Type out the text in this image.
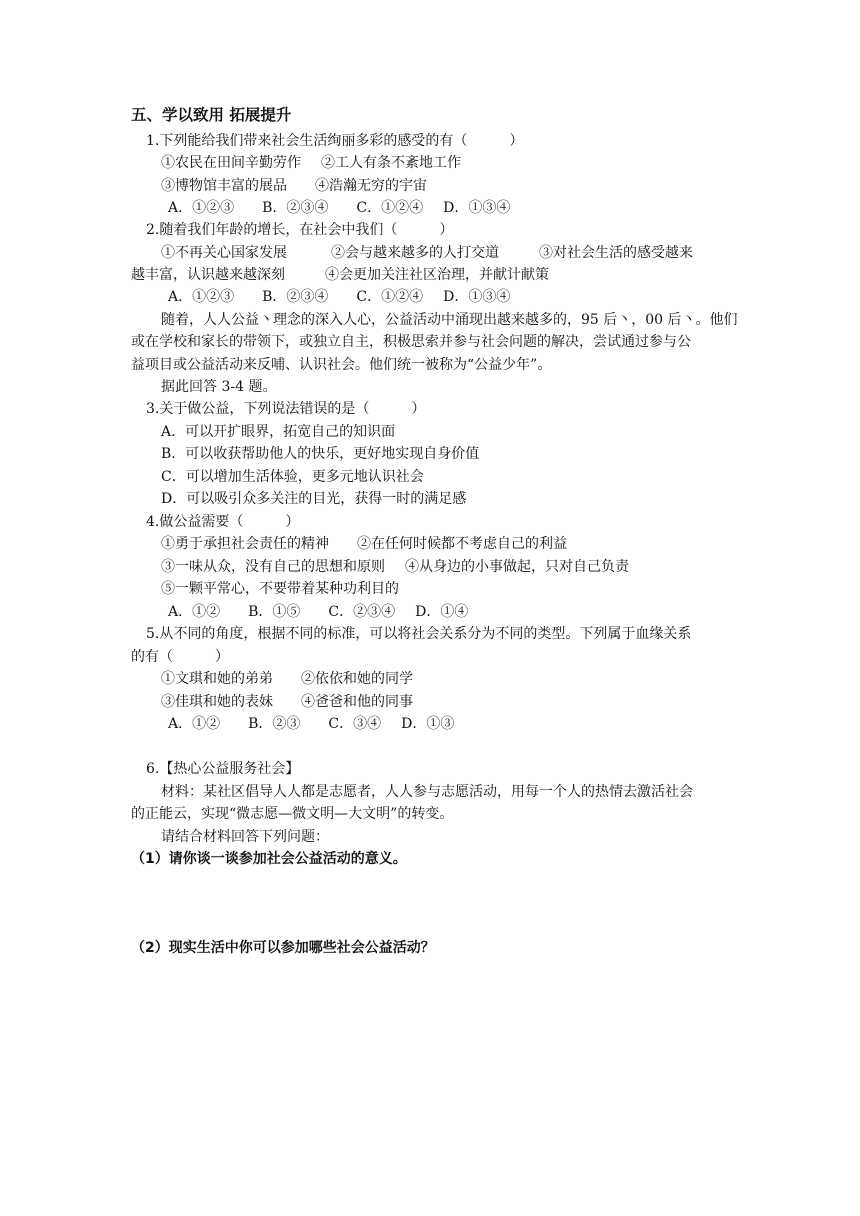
五、学以致用 拓展提升
1.下列能给我们带来社会生活绚丽多彩的感受的有（　　　）
①农民在田间辛勤劳作 ②工人有条不紊地工作
③博物馆丰富的展品 ④浩瀚无穷的宇宙
A．①②③ B．②③④ C．①②④ D．①③④
2.随着我们年龄的增长，在社会中我们（　　　）
①不再关心国家发展	②会与越来越多的人打交道	③对社会生活的感受越来
越丰富，认识越来越深刻	④会更加关注社区治理，并献计献策
A．①②③ B．②③④ C．①②④ D．①③④
随着，人人公益丶理念的深入人心，公益活动中涌现出越来越多的，95 后丶，00 后丶。他们
或在学校和家长的带领下，或独立自主，积极思索并参与社会问题的解决，尝试通过参与公
益项目或公益活动来反哺、认识社会。他们统一被称为“公益少年”。
据此回答 3-4 题。
3.关于做公益，下列说法错误的是（　　　）
A．可以开扩眼界，拓宽自己的知识面
B．可以收获帮助他人的快乐，更好地实现自身价值
C．可以增加生活体验，更多元地认识社会
D．可以吸引众多关注的目光，获得一时的满足感
4.做公益需要（　　　）
①勇于承担社会责任的精神 ②在任何时候都不考虑自己的利益
③一味从众，没有自己的思想和原则 ④从身边的小事做起，只对自己负责
⑤一颗平常心，不要带着某种功利目的
A．①② B．①⑤ C．②③④ D．①④
5.从不同的角度，根据不同的标准，可以将社会关系分为不同的类型。下列属于血缘关系
的有（　　　）
①文琪和她的弟弟 ②依依和她的同学
③佳琪和她的表妹 ④爸爸和他的同事
A．①② B．②③ C．③④ D．①③
6.【热心公益服务社会】
材料：某社区倡导人人都是志愿者，人人参与志愿活动，用每一个人的热情去激活社会
的正能云，实现“微志愿—微文明—大文明”的转变。
请结合材料回答下列问题：
（1）请你谈一谈参加社会公益活动的意义。
（2）现实生活中你可以参加哪些社会公益活动？
